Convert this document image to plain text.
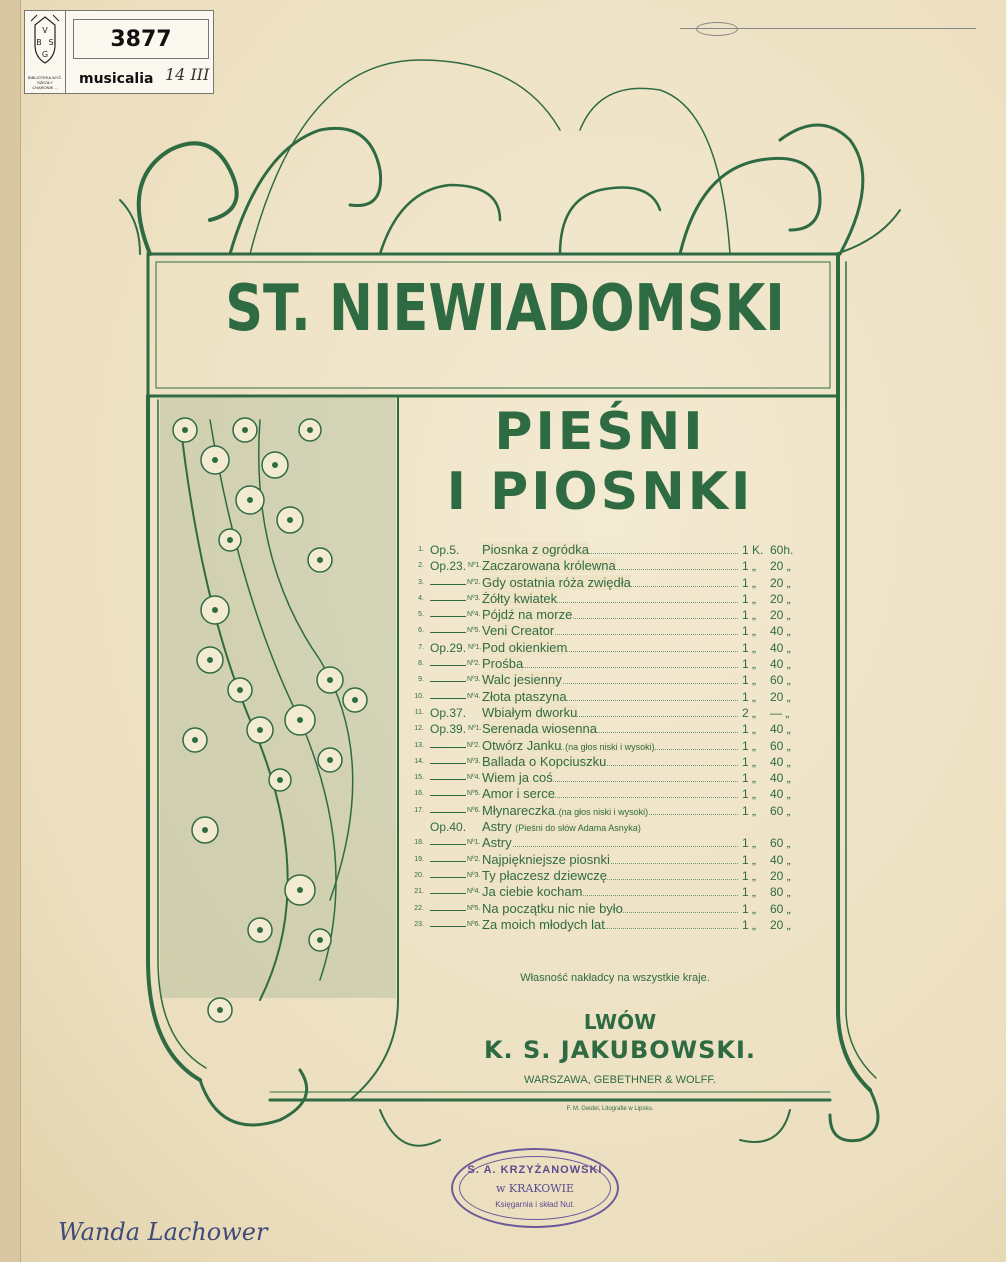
V
B S
G
BIBLIOTEKA WYŻ. SZKOŁY CHARONIE ...
3877
musicalia 14 III
ST. NIEWIADOMSKI
PIEŚNI
I PIOSNKI
1. Op.5. Piosnka z ogródka	1 K. 60h.
2. Op.23. Nº1. Zaczarowana królewna	1 „ 20 „
3.	Nº2. Gdy ostatnia róża zwiędła	1 „ 20 „
4.	Nº3. Żółty kwiatek	1 „ 20 „
5.	Nº4. Pójdź na morze	1 „ 20 „
6.	Nº5. Veni Creator	1 „ 40 „
7. Op.29. Nº1. Pod okienkiem	1 „ 40 „
8.	Nº2. Prośba	1 „ 40 „
9.	Nº3. Walc jesienny	1 „ 60 „
10.	Nº4. Złota ptaszyna	1 „ 20 „
11. Op.37. Wbiałym dworku	2 „ — „
12. Op.39. Nº1. Serenada wiosenna	1 „ 40 „
13.	Nº2. Otwórz Janku (na głos niski i wysoki)	1 „ 60 „
14.	Nº3. Ballada o Kopciuszku	1 „ 40 „
15.	Nº4. Wiem ja coś	1 „ 40 „
16.	Nº5. Amor i serce	1 „ 40 „
17.	Nº6. Młynareczka (na głos niski i wysoki)	1 „ 60 „
Op.40. Astry (Pieśni do słów Adama Asnyka)
18.	Nº1. Astry	1 „ 60 „
19.	Nº2. Najpiękniejsze piosnki	1 „ 40 „
20.	Nº3. Ty płaczesz dziewczę	1 „ 20 „
21.	Nº4. Ja ciebie kocham	1 „ 80 „
22.	Nº5. Na początku nic nie było	1 „ 60 „
23.	Nº6. Za moich młodych lat	1 „ 20 „
Własność nakładcy na wszystkie kraje.
LWÓW
K. S. JAKUBOWSKI.
WARSZAWA, GEBETHNER & WOLFF.
F. M. Geidel, Litografie w Lipsku.
S. A. KRZYŻANOWSKI
w KRAKOWIE
Księgarnia i skład Nut.
Wanda Lachower
